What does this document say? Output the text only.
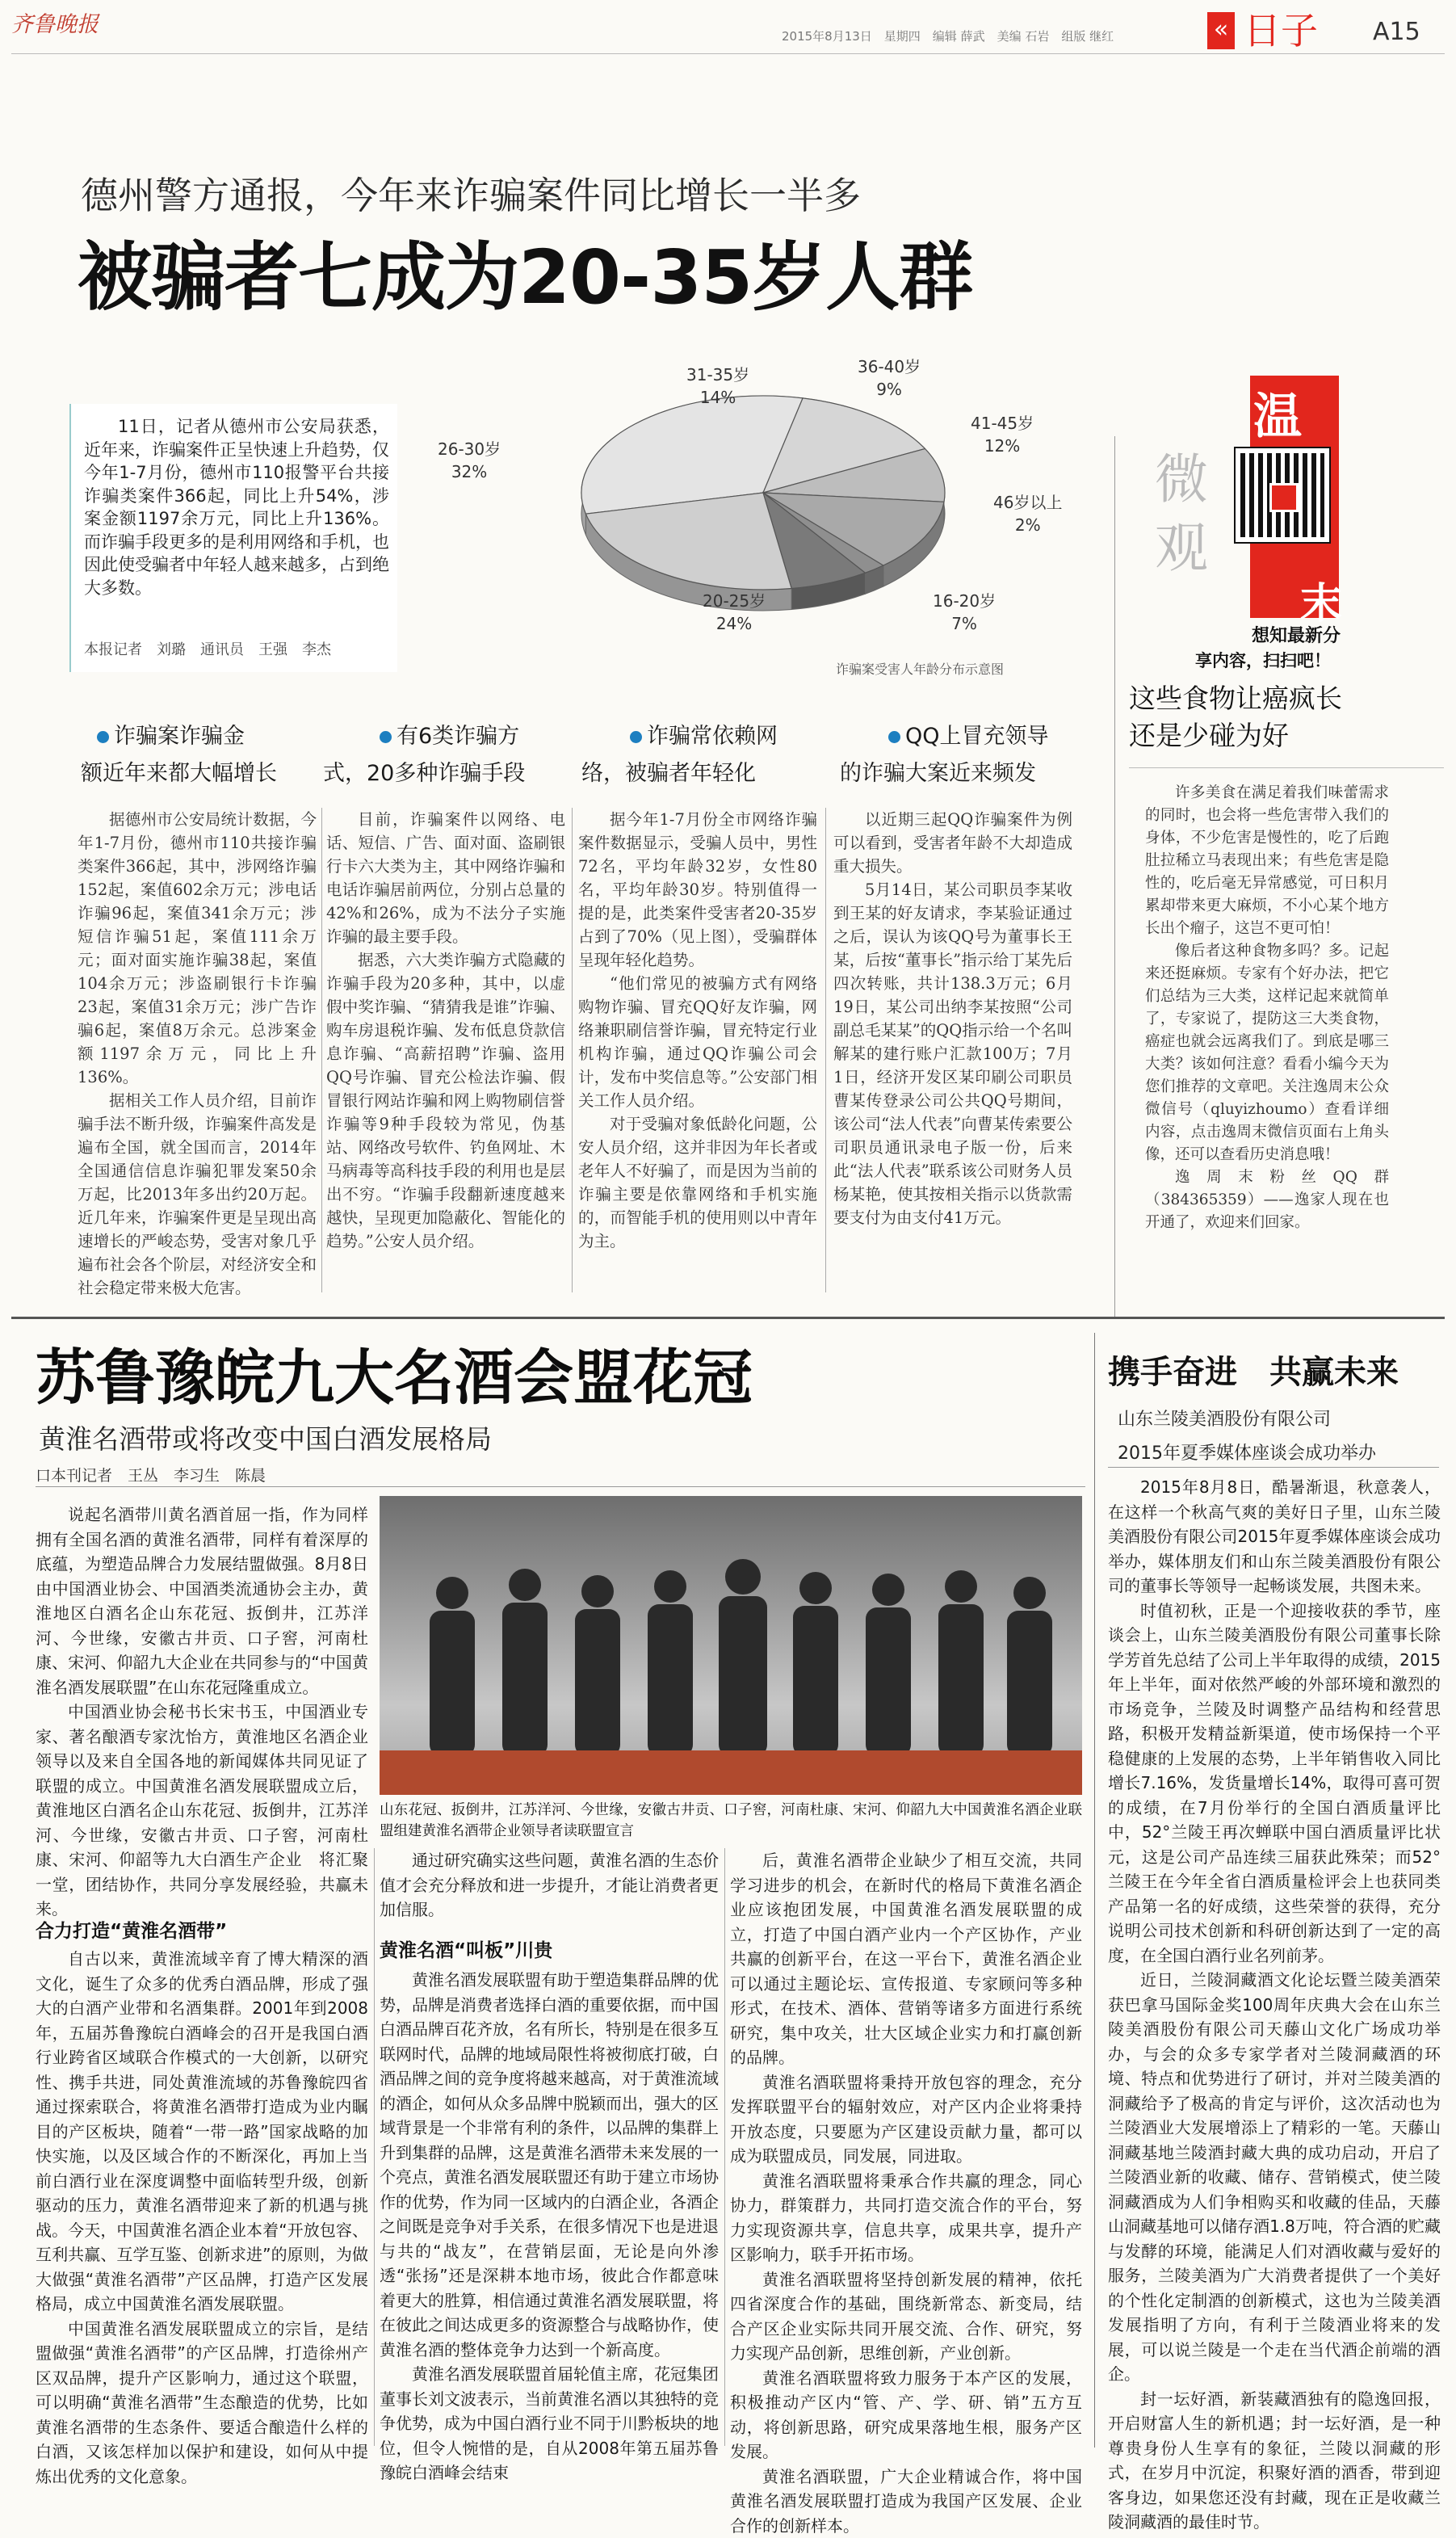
齐鲁晚报	2015年8月13日　星期四　编辑 薛武　美编 石岩　组版 继红	« 日子 A15
德州警方通报，今年来诈骗案件同比增长一半多
被骗者七成为20-35岁人群
11日，记者从德州市公安局获悉，近年来，诈骗案件正呈快速上升趋势，仅今年1-7月份，德州市110报警平台共接诈骗类案件366起，同比上升54%，涉案金额1197余万元，同比上升136%。而诈骗手段更多的是利用网络和手机，也因此使受骗者中年轻人越来越多，占到绝大多数。
本报记者　刘璐　通讯员　王强　李杰
26-30岁
32%
31-35岁
14%
36-40岁
9%
41-45岁
12%
46岁以上
2%
16-20岁
7%
20-25岁
24%
诈骗案受害人年龄分布示意图
诈骗案诈骗金
额近年来都大幅增长
有6类诈骗方
式，20多种诈骗手段
诈骗常依赖网
络，被骗者年轻化
QQ上冒充领导
的诈骗大案近来频发

据德州市公安局统计数据，今年1-7月份，德州市110共接诈骗类案件366起，其中，涉网络诈骗152起，案值602余万元；涉电话诈骗96起，案值341余万元；涉短信诈骗51起，案值111余万元；面对面实施诈骗38起，案值104余万元；涉盗刷银行卡诈骗23起，案值31余万元；涉广告诈骗6起，案值8万余元。总涉案金额1197余万元，同比上升136%。

据相关工作人员介绍，目前诈骗手法不断升级，诈骗案件高发是遍布全国，就全国而言，2014年全国通信信息诈骗犯罪发案50余万起，比2013年多出约20万起。近几年来，诈骗案件更是呈现出高速增长的严峻态势，受害对象几乎遍布社会各个阶层，对经济安全和社会稳定带来极大危害。

目前，诈骗案件以网络、电话、短信、广告、面对面、盗刷银行卡六大类为主，其中网络诈骗和电话诈骗居前两位，分别占总量的42%和26%，成为不法分子实施诈骗的最主要手段。

据悉，六大类诈骗方式隐藏的诈骗手段为20多种，其中，以虚假中奖诈骗、“猜猜我是谁”诈骗、购车房退税诈骗、发布低息贷款信息诈骗、“高薪招聘”诈骗、盗用QQ号诈骗、冒充公检法诈骗、假冒银行网站诈骗和网上购物刷信誉诈骗等9种手段较为常见，伪基站、网络改号软件、钓鱼网址、木马病毒等高科技手段的利用也是层出不穷。“诈骗手段翻新速度越来越快，呈现更加隐蔽化、智能化的趋势。”公安人员介绍。

据今年1-7月份全市网络诈骗案件数据显示，受骗人员中，男性72名，平均年龄32岁，女性80名，平均年龄30岁。特别值得一提的是，此类案件受害者20-35岁占到了70%（见上图），受骗群体呈现年轻化趋势。

“他们常见的被骗方式有网络购物诈骗、冒充QQ好友诈骗，网络兼职刷信誉诈骗，冒充特定行业机构诈骗，通过QQ诈骗公司会计，发布中奖信息等。”公安部门相关工作人员介绍。

对于受骗对象低龄化问题，公安人员介绍，这并非因为年长者或老年人不好骗了，而是因为当前的诈骗主要是依靠网络和手机实施的，而智能手机的使用则以中青年为主。

以近期三起QQ诈骗案件为例可以看到，受害者年龄不大却造成重大损失。

5月14日，某公司职员李某收到王某的好友请求，李某验证通过之后，误认为该QQ号为董事长王某，后按“董事长”指示给丁某先后四次转账，共计138.3万元；6月19日，某公司出纳李某按照“公司副总毛某某”的QQ指示给一个名叫解某的建行账户汇款100万；7月1日，经济开发区某印刷公司职员曹某传登录公司公共QQ号期间，该公司“法人代表”向曹某传索要公司职员通讯录电子版一份，后来此“法人代表”联系该公司财务人员杨某艳，使其按相关指示以货款需要支付为由支付41万元。

微
观
温
末
想知最新分
享内容，扫扫吧！
这些食物让癌疯长
还是少碰为好

许多美食在满足着我们味蕾需求的同时，也会将一些危害带入我们的身体，不少危害是慢性的，吃了后跑肚拉稀立马表现出来；有些危害是隐性的，吃后毫无异常感觉，可日积月累却带来更大麻烦，不小心某个地方长出个瘤子，这岂不更可怕！

像后者这种食物多吗？多。记起来还挺麻烦。专家有个好办法，把它们总结为三大类，这样记起来就简单了，专家说了，提防这三大类食物，癌症也就会远离我们了。到底是哪三大类？该如何注意？看看小编今天为您们推荐的文章吧。关注逸周末公众微信号（qluyizhoumo）查看详细内容，点击逸周末微信页面右上角头像，还可以查看历史消息哦！

逸周末粉丝QQ群（384365359）——逸家人现在也开通了，欢迎来们回家。

苏鲁豫皖九大名酒会盟花冠
黄淮名酒带或将改变中国白酒发展格局
口本刊记者　王丛　李习生　陈晨
山东花冠、扳倒井，江苏洋河、今世缘，安徽古井贡、口子窖，河南杜康、宋河、仰韶九大中国黄淮名酒企业联盟组建黄淮名酒带企业领导者读联盟宣言

说起名酒带川黄名酒首屈一指，作为同样拥有全国名酒的黄淮名酒带，同样有着深厚的底蕴，为塑造品牌合力发展结盟做强。8月8日由中国酒业协会、中国酒类流通协会主办，黄淮地区白酒名企山东花冠、扳倒井，江苏洋河、今世缘，安徽古井贡、口子窖，河南杜康、宋河、仰韶九大企业在共同参与的“中国黄淮名酒发展联盟”在山东花冠隆重成立。

中国酒业协会秘书长宋书玉，中国酒业专家、著名酿酒专家沈怡方，黄淮地区名酒企业领导以及来自全国各地的新闻媒体共同见证了联盟的成立。中国黄淮名酒发展联盟成立后，黄淮地区白酒名企山东花冠、扳倒井，江苏洋河、今世缘，安徽古井贡、口子窖，河南杜康、宋河、仰韶等九大白酒生产企业　将汇聚一堂，团结协作，共同分享发展经验，共赢未来。

合力打造“黄淮名酒带”

自古以来，黄淮流域辛育了博大精深的酒文化，诞生了众多的优秀白酒品牌，形成了强大的白酒产业带和名酒集群。2001年到2008年，五届苏鲁豫皖白酒峰会的召开是我国白酒行业跨省区域联合作模式的一大创新，以研究性、携手共进，同处黄淮流域的苏鲁豫皖四省通过探索联合，将黄淮名酒带打造成为业内瞩目的产区板块，随着“一带一路”国家战略的加快实施，以及区域合作的不断深化，再加上当前白酒行业在深度调整中面临转型升级，创新驱动的压力，黄淮名酒带迎来了新的机遇与挑战。今天，中国黄淮名酒企业本着“开放包容、互利共赢、互学互鉴、创新求进”的原则，为做大做强“黄淮名酒带”产区品牌，打造产区发展格局，成立中国黄淮名酒发展联盟。

中国黄淮名酒发展联盟成立的宗旨，是结盟做强“黄淮名酒带”的产区品牌，打造徐州产区双品牌，提升产区影响力，通过这个联盟，可以明确“黄淮名酒带”生态酿造的优势，比如黄淮名酒带的生态条件、要适合酿造什么样的白酒，又该怎样加以保护和建设，如何从中提炼出优秀的文化意象。

通过研究确实这些问题，黄淮名酒的生态价值才会充分释放和进一步提升，才能让消费者更加信服。

黄淮名酒“叫板”川贵

黄淮名酒发展联盟有助于塑造集群品牌的优势，品牌是消费者选择白酒的重要依据，而中国白酒品牌百花齐放，名有所长，特别是在很多互联网时代，品牌的地域局限性将被彻底打破，白酒品牌之间的竞争度将越来越高，对于黄淮流域的酒企，如何从众多品牌中脱颖而出，强大的区域背景是一个非常有利的条件，以品牌的集群上升到集群的品牌，这是黄淮名酒带未来发展的一个亮点，黄淮名酒发展联盟还有助于建立市场协作的优势，作为同一区域内的白酒企业，各酒企之间既是竞争对手关系，在很多情况下也是进退与共的“战友”，在营销层面，无论是向外渗透“张扬”还是深耕本地市场，彼此合作都意味着更大的胜算，相信通过黄淮名酒发展联盟，将在彼此之间达成更多的资源整合与战略协作，使黄淮名酒的整体竞争力达到一个新高度。

黄淮名酒发展联盟首届轮值主席，花冠集团董事长刘文波表示，当前黄淮名酒以其独特的竞争优势，成为中国白酒行业不同于川黔板块的地位，但令人惋惜的是，自从2008年第五届苏鲁豫皖白酒峰会结束

后，黄淮名酒带企业缺少了相互交流，共同学习进步的机会，在新时代的格局下黄淮名酒企业应该抱团发展，中国黄淮名酒发展联盟的成立，打造了中国白酒产业内一个产区协作，产业共赢的创新平台，在这一平台下，黄淮名酒企业可以通过主题论坛、宣传报道、专家顾问等多种形式，在技术、酒体、营销等诸多方面进行系统研究，集中攻关，壮大区域企业实力和打赢创新的品牌。

黄淮名酒联盟将秉持开放包容的理念，充分发挥联盟平台的辐射效应，对产区内企业将秉持开放态度，只要愿为产区建设贡献力量，都可以成为联盟成员，同发展，同进取。

黄淮名酒联盟将秉承合作共赢的理念，同心协力，群策群力，共同打造交流合作的平台，努力实现资源共享，信息共享，成果共享，提升产区影响力，联手开拓市场。

黄淮名酒联盟将坚持创新发展的精神，依托四省深度合作的基础，围绕新常态、新变局，结合产区企业实际共同开展交流、合作、研究，努力实现产品创新，思维创新，产业创新。

黄淮名酒联盟将致力服务于本产区的发展，积极推动产区内“管、产、学、研、销”五方互动，将创新思路，研究成果落地生根，服务产区发展。

黄淮名酒联盟，广大企业精诚合作，将中国黄淮名酒发展联盟打造成为我国产区发展、企业合作的创新样本。

携手奋进　共赢未来
山东兰陵美酒股份有限公司
2015年夏季媒体座谈会成功举办

2015年8月8日，酷暑渐退，秋意袭人，在这样一个秋高气爽的美好日子里，山东兰陵美酒股份有限公司2015年夏季媒体座谈会成功举办，媒体朋友们和山东兰陵美酒股份有限公司的董事长等领导一起畅谈发展，共图未来。

时值初秋，正是一个迎接收获的季节，座谈会上，山东兰陵美酒股份有限公司董事长除学芳首先总结了公司上半年取得的成绩，2015年上半年，面对依然严峻的外部环境和激烈的市场竞争，兰陵及时调整产品结构和经营思路，积极开发精益新渠道，使市场保持一个平稳健康的上发展的态势，上半年销售收入同比增长7.16%，发货量增长14%，取得可喜可贺的成绩，在7月份举行的全国白酒质量评比中，52°兰陵王再次蝉联中国白酒质量评比状元，这是公司产品连续三届获此殊荣；而52°兰陵王在今年全省白酒质量检评会上也获同类产品第一名的好成绩，这些荣誉的获得，充分说明公司技术创新和科研创新达到了一定的高度，在全国白酒行业名列前茅。

近日，兰陵洞藏酒文化论坛暨兰陵美酒荣获巴拿马国际金奖100周年庆典大会在山东兰陵美酒股份有限公司天藤山文化广场成功举办，与会的众多专家学者对兰陵洞藏酒的环境、特点和优势进行了研讨，并对兰陵美酒的洞藏给予了极高的肯定与评价，这次活动也为兰陵酒业大发展增添上了精彩的一笔。天藤山洞藏基地兰陵酒封藏大典的成功启动，开启了兰陵酒业新的收藏、储存、营销模式，使兰陵洞藏酒成为人们争相购买和收藏的佳品，天藤山洞藏基地可以储存酒1.8万吨，符合酒的贮藏与发酵的环境，能满足人们对酒收藏与爱好的服务，兰陵美酒为广大消费者提供了一个美好的个性化定制酒的创新模式，这也为兰陵美酒发展指明了方向，有利于兰陵酒业将来的发展，可以说兰陵是一个走在当代酒企前端的酒企。

封一坛好酒，新装藏酒独有的隐逸回报，开启财富人生的新机遇；封一坛好酒，是一种尊贵身份人生享有的象征，兰陵以洞藏的形式，在岁月中沉淀，积聚好酒的酒香，带到迎客身边，如果您还没有封藏，现在正是收藏兰陵洞藏酒的最佳时节。
